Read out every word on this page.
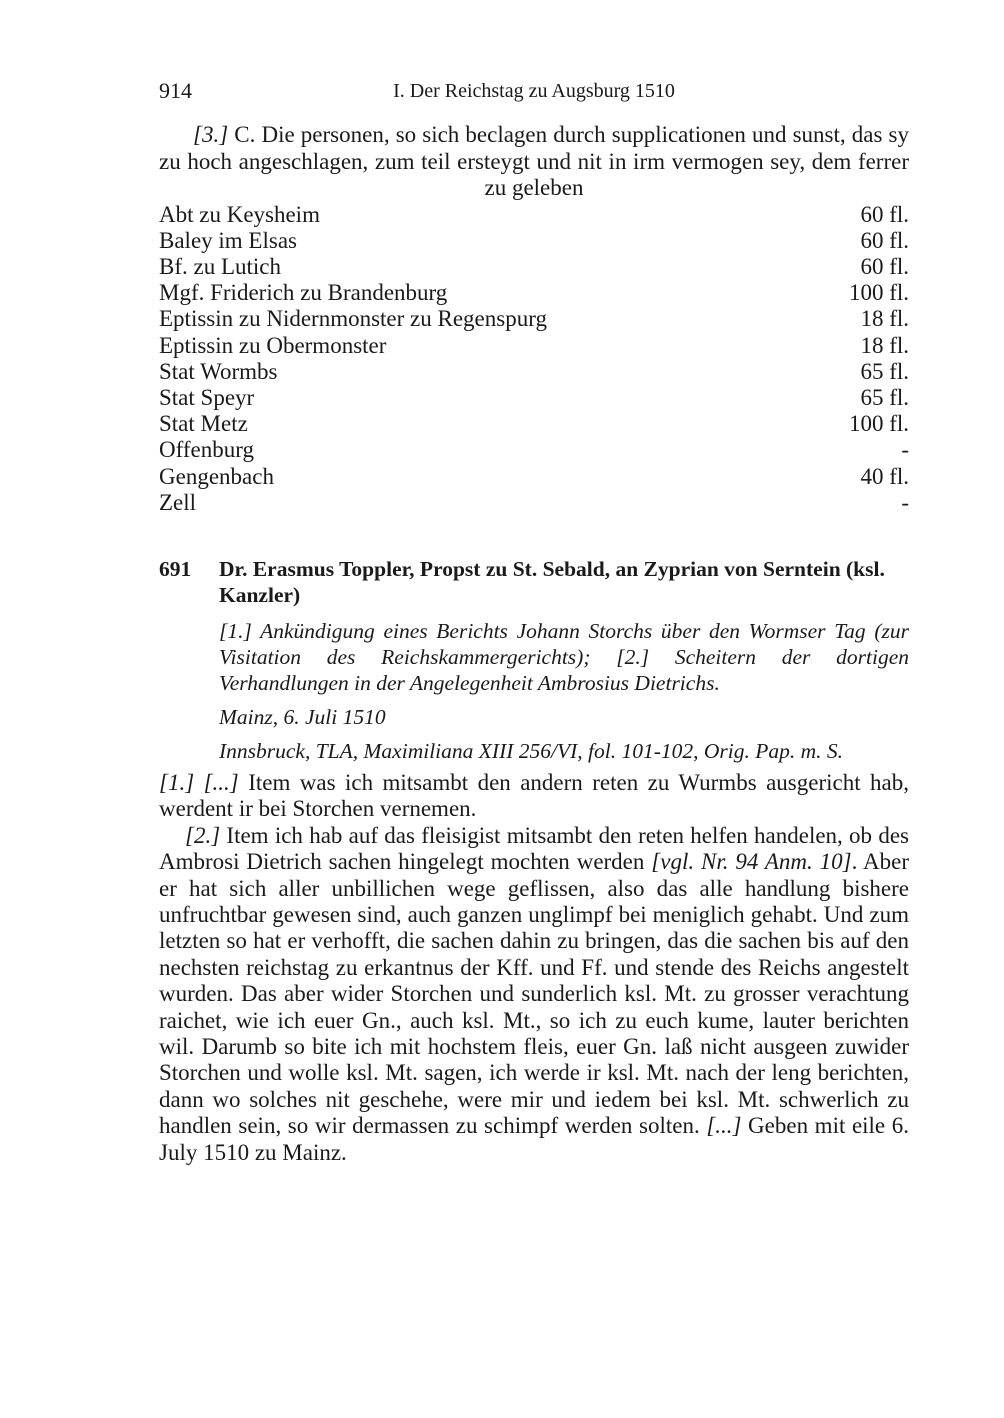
914	I. Der Reichstag zu Augsburg 1510
[3.] C. Die personen, so sich beclagen durch supplicationen und sunst, das sy zu hoch angeschlagen, zum teil ersteygt und nit in irm vermogen sey, dem ferrer zu geleben
Abt zu Keysheim	60 fl.
Baley im Elsas	60 fl.
Bf. zu Lutich	60 fl.
Mgf. Friderich zu Brandenburg	100 fl.
Eptissin zu Nidernmonster zu Regenspurg	18 fl.
Eptissin zu Obermonster	18 fl.
Stat Wormbs	65 fl.
Stat Speyr	65 fl.
Stat Metz	100 fl.
Offenburg	-
Gengenbach	40 fl.
Zell	-
691	Dr. Erasmus Toppler, Propst zu St. Sebald, an Zyprian von Serntein (ksl. Kanzler)
[1.] Ankündigung eines Berichts Johann Storchs über den Wormser Tag (zur Visitation des Reichskammergerichts); [2.] Scheitern der dortigen Verhandlungen in der Angelegenheit Ambrosius Dietrichs.
Mainz, 6. Juli 1510
Innsbruck, TLA, Maximiliana XIII 256/VI, fol. 101-102, Orig. Pap. m. S.

[1.] [...] Item was ich mitsambt den andern reten zu Wurmbs ausgericht hab, werdent ir bei Storchen vernemen.

[2.] Item ich hab auf das fleisigist mitsambt den reten helfen handelen, ob des Ambrosi Dietrich sachen hingelegt mochten werden [vgl. Nr. 94 Anm. 10]. Aber er hat sich aller unbillichen wege geflissen, also das alle handlung bishere unfruchtbar gewesen sind, auch ganzen unglimpf bei meniglich gehabt. Und zum letzten so hat er verhofft, die sachen dahin zu bringen, das die sachen bis auf den nechsten reichstag zu erkantnus der Kff. und Ff. und stende des Reichs angestelt wurden. Das aber wider Storchen und sunderlich ksl. Mt. zu grosser verachtung raichet, wie ich euer Gn., auch ksl. Mt., so ich zu euch kume, lauter berichten wil. Darumb so bite ich mit hochstem fleis, euer Gn. laß nicht ausgeen zuwider Storchen und wolle ksl. Mt. sagen, ich werde ir ksl. Mt. nach der leng berichten, dann wo solches nit geschehe, were mir und iedem bei ksl. Mt. schwerlich zu handlen sein, so wir dermassen zu schimpf werden solten. [...] Geben mit eile 6. July 1510 zu Mainz.
